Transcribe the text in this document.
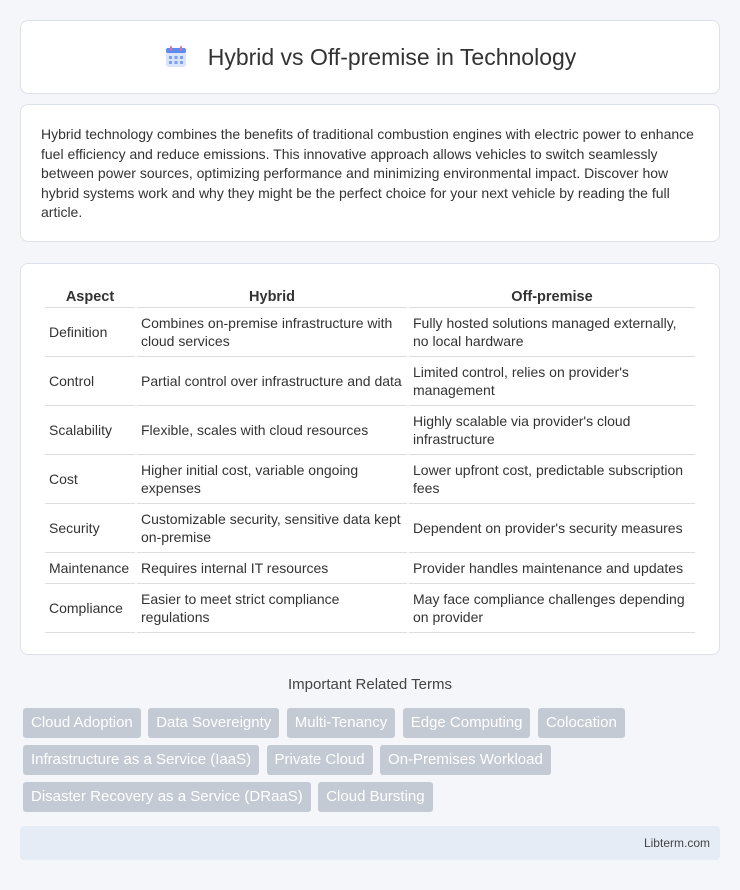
Hybrid vs Off-premise in Technology

Hybrid technology combines the benefits of traditional combustion engines with electric power to enhance fuel efficiency and reduce emissions. This innovative approach allows vehicles to switch seamlessly between power sources, optimizing performance and minimizing environmental impact. Discover how hybrid systems work and why they might be the perfect choice for your next vehicle by reading the full article.

Aspect	Hybrid	Off-premise
Definition	Combines on-premise infrastructure with cloud services	Fully hosted solutions managed externally, no local hardware
Control	Partial control over infrastructure and data	Limited control, relies on provider's management
Scalability	Flexible, scales with cloud resources	Highly scalable via provider's cloud infrastructure
Cost	Higher initial cost, variable ongoing expenses	Lower upfront cost, predictable subscription fees
Security	Customizable security, sensitive data kept on-premise	Dependent on provider's security measures
Maintenance	Requires internal IT resources	Provider handles maintenance and updates
Compliance	Easier to meet strict compliance regulations	May face compliance challenges depending on provider
Important Related Terms
Cloud Adoption Data Sovereignty Multi-Tenancy Edge Computing Colocation Infrastructure as a Service (IaaS) Private Cloud On-Premises Workload Disaster Recovery as a Service (DRaaS) Cloud Bursting
Libterm.com
